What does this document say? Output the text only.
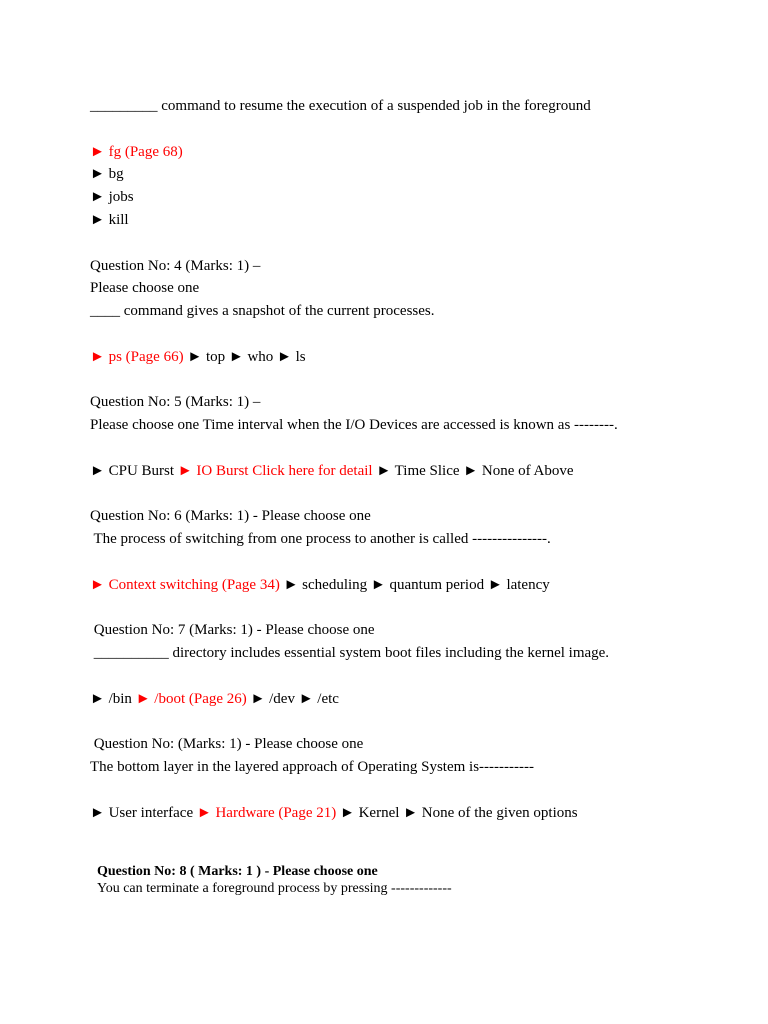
_________ command to resume the execution of a suspended job in the foreground
► fg (Page 68)
► bg
► jobs
► kill
Question No: 4 (Marks: 1) –
Please choose one
____ command gives a snapshot of the current processes.
► ps (Page 66) ► top ► who ► ls
Question No: 5 (Marks: 1) –
Please choose one Time interval when the I/O Devices are accessed is known as --------.
► CPU Burst ► IO Burst Click here for detail ► Time Slice ► None of Above
Question No: 6 (Marks: 1) - Please choose one
The process of switching from one process to another is called ---------------.
► Context switching (Page 34) ► scheduling ► quantum period ► latency
Question No: 7 (Marks: 1) - Please choose one
__________ directory includes essential system boot files including the kernel image.
► /bin ► /boot (Page 26) ► /dev ► /etc
Question No: (Marks: 1) - Please choose one
The bottom layer in the layered approach of Operating System is-----------
► User interface ► Hardware (Page 21) ► Kernel ► None of the given options
Question No: 8 ( Marks: 1 ) - Please choose one
You can terminate a foreground process by pressing -------------
